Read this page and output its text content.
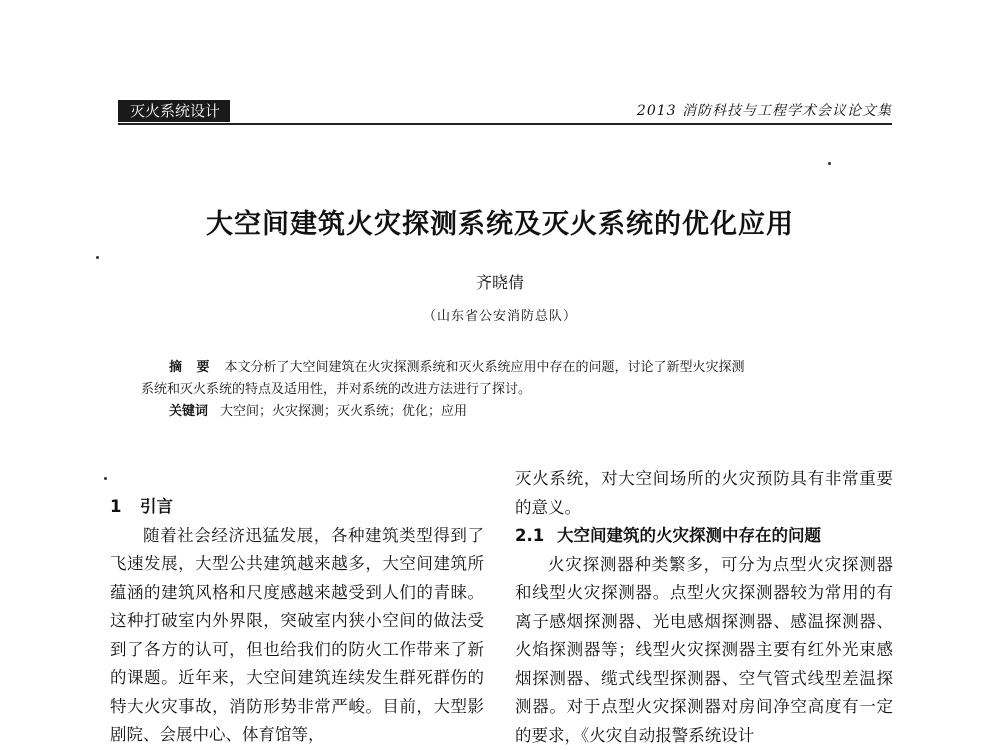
灭火系统设计	2013 消防科技与工程学术会议论文集
大空间建筑火灾探测系统及灭火系统的优化应用
齐晓倩
（山东省公安消防总队）
摘 要 本文分析了大空间建筑在火灾探测系统和灭火系统应用中存在的问题，讨论了新型火灾探测
系统和灭火系统的特点及适用性，并对系统的改进方法进行了探讨。
关键词 大空间；火灾探测；灭火系统；优化；应用
1 引言
随着社会经济迅猛发展，各种建筑类型得到了飞速发展，大型公共建筑越来越多，大空间建筑所蕴涵的建筑风格和尺度感越来越受到人们的青睐。这种打破室内外界限，突破室内狭小空间的做法受到了各方的认可，但也给我们的防火工作带来了新的课题。近年来，大空间建筑连续发生群死群伤的特大火灾事故，消防形势非常严峻。目前，大型影剧院、会展中心、体育馆等，
灭火系统，对大空间场所的火灾预防具有非常重要的意义。
2.1 大空间建筑的火灾探测中存在的问题
火灾探测器种类繁多，可分为点型火灾探测器和线型火灾探测器。点型火灾探测器较为常用的有离子感烟探测器、光电感烟探测器、感温探测器、火焰探测器等；线型火灾探测器主要有红外光束感烟探测器、缆式线型探测器、空气管式线型差温探测器。对于点型火灾探测器对房间净空高度有一定的要求，《火灾自动报警系统设计
